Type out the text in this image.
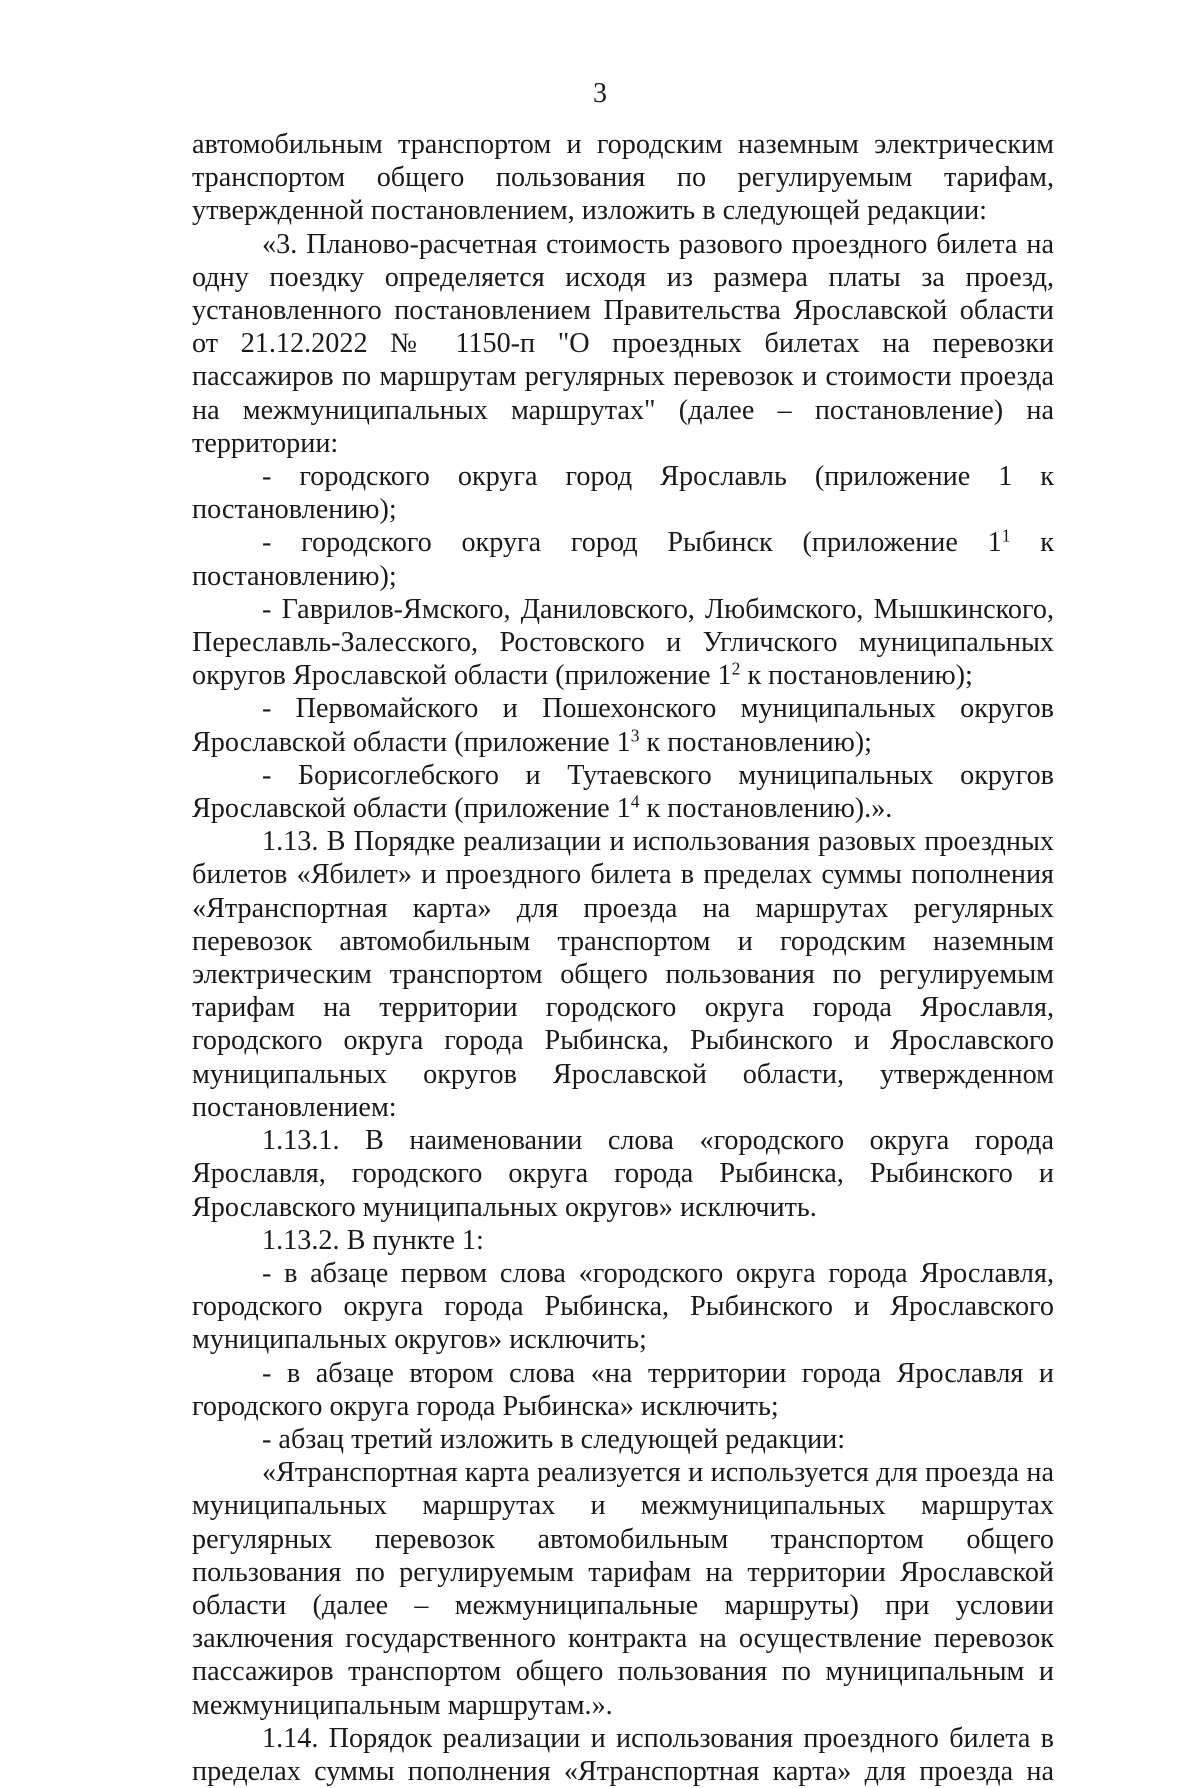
3

автомобильным транспортом и городским наземным электрическим транспортом общего пользования по регулируемым тарифам, утвержденной постановлением, изложить в следующей редакции:

«3. Планово-расчетная стоимость разового проездного билета на одну поездку определяется исходя из размера платы за проезд, установленного постановлением Правительства Ярославской области от 21.12.2022 № 1150-п "О проездных билетах на перевозки пассажиров по маршрутам регулярных перевозок и стоимости проезда на межмуниципальных маршрутах" (далее – постановление) на территории:

- городского округа город Ярославль (приложение 1 к постановлению);

- городского округа город Рыбинск (приложение $1^1$ к постановлению);

- Гаврилов-Ямского, Даниловского, Любимского, Мышкинского, Переславль-Залесского, Ростовского и Угличского муниципальных округов Ярославской области (приложение $1^2$ к постановлению);

- Первомайского и Пошехонского муниципальных округов Ярославской области (приложение $1^3$ к постановлению);

- Борисоглебского и Тутаевского муниципальных округов Ярославской области (приложение $1^4$ к постановлению).».

1.13. В Порядке реализации и использования разовых проездных билетов «Ябилет» и проездного билета в пределах суммы пополнения «Ятранспортная карта» для проезда на маршрутах регулярных перевозок автомобильным транспортом и городским наземным электрическим транспортом общего пользования по регулируемым тарифам на территории городского округа города Ярославля, городского округа города Рыбинска, Рыбинского и Ярославского муниципальных округов Ярославской области, утвержденном постановлением:

1.13.1. В наименовании слова «городского округа города Ярославля, городского округа города Рыбинска, Рыбинского и Ярославского муниципальных округов» исключить.

1.13.2. В пункте 1:

- в абзаце первом слова «городского округа города Ярославля, городского округа города Рыбинска, Рыбинского и Ярославского муниципальных округов» исключить;

- в абзаце втором слова «на территории города Ярославля и городского округа города Рыбинска» исключить;

- абзац третий изложить в следующей редакции:

«Ятранспортная карта реализуется и используется для проезда на муниципальных маршрутах и межмуниципальных маршрутах регулярных перевозок автомобильным транспортом общего пользования по регулируемым тарифам на территории Ярославской области (далее – межмуниципальные маршруты) при условии заключения государственного контракта на осуществление перевозок пассажиров транспортом общего пользования по муниципальным и межмуниципальным маршрутам.».

1.14. Порядок реализации и использования проездного билета в пределах суммы пополнения «Ятранспортная карта» для проезда на
